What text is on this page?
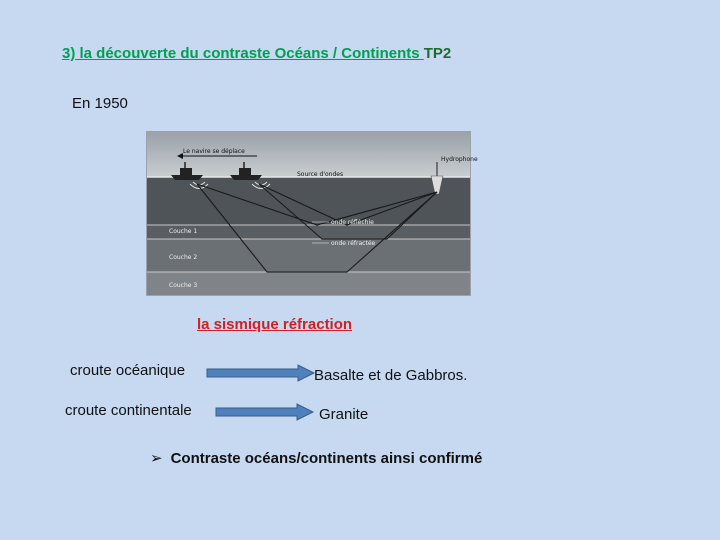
3) la découverte du contraste Océans / Continents TP2
En 1950
Le navire se déplace
Source d'ondes
Hydrophone
onde réfléchie
onde réfractée
Couche 1
Couche 2
Couche 3
la sismique réfraction
croute océanique	Basalte et de Gabbros.
croute continentale	Granite
➢ Contraste océans/continents ainsi confirmé
